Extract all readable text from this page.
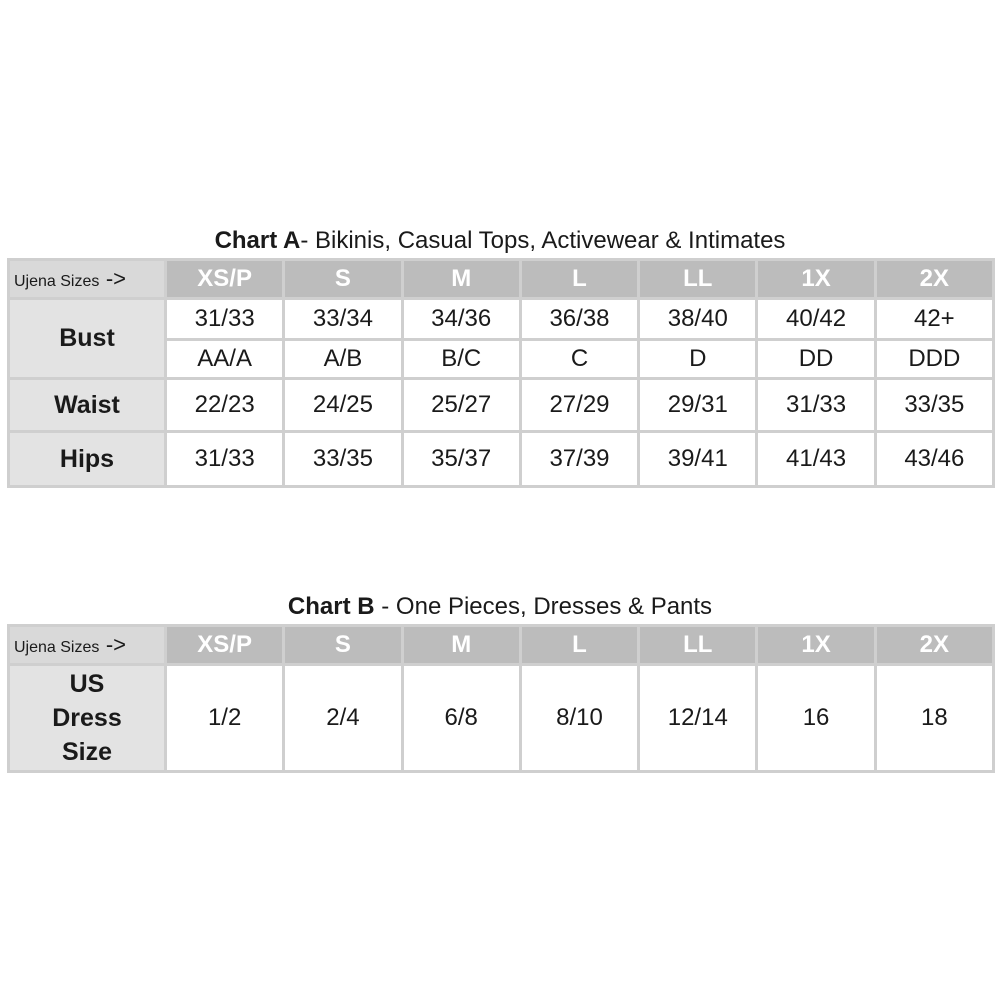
Chart A- Bikinis, Casual Tops, Activewear & Intimates
Ujena Sizes ->	XS/P	S	M	L	LL	1X	2X
Bust	31/33	33/34	34/36	36/38	38/40	40/42	42+
	AA/A	A/B	B/C	C	D	DD	DDD
Waist	22/23	24/25	25/27	27/29	29/31	31/33	33/35
Hips	31/33	33/35	35/37	37/39	39/41	41/43	43/46
Chart B - One Pieces, Dresses & Pants
Ujena Sizes ->	XS/P	S	M	L	LL	1X	2X
US
Dress
Size	1/2	2/4	6/8	8/10	12/14	16	18
